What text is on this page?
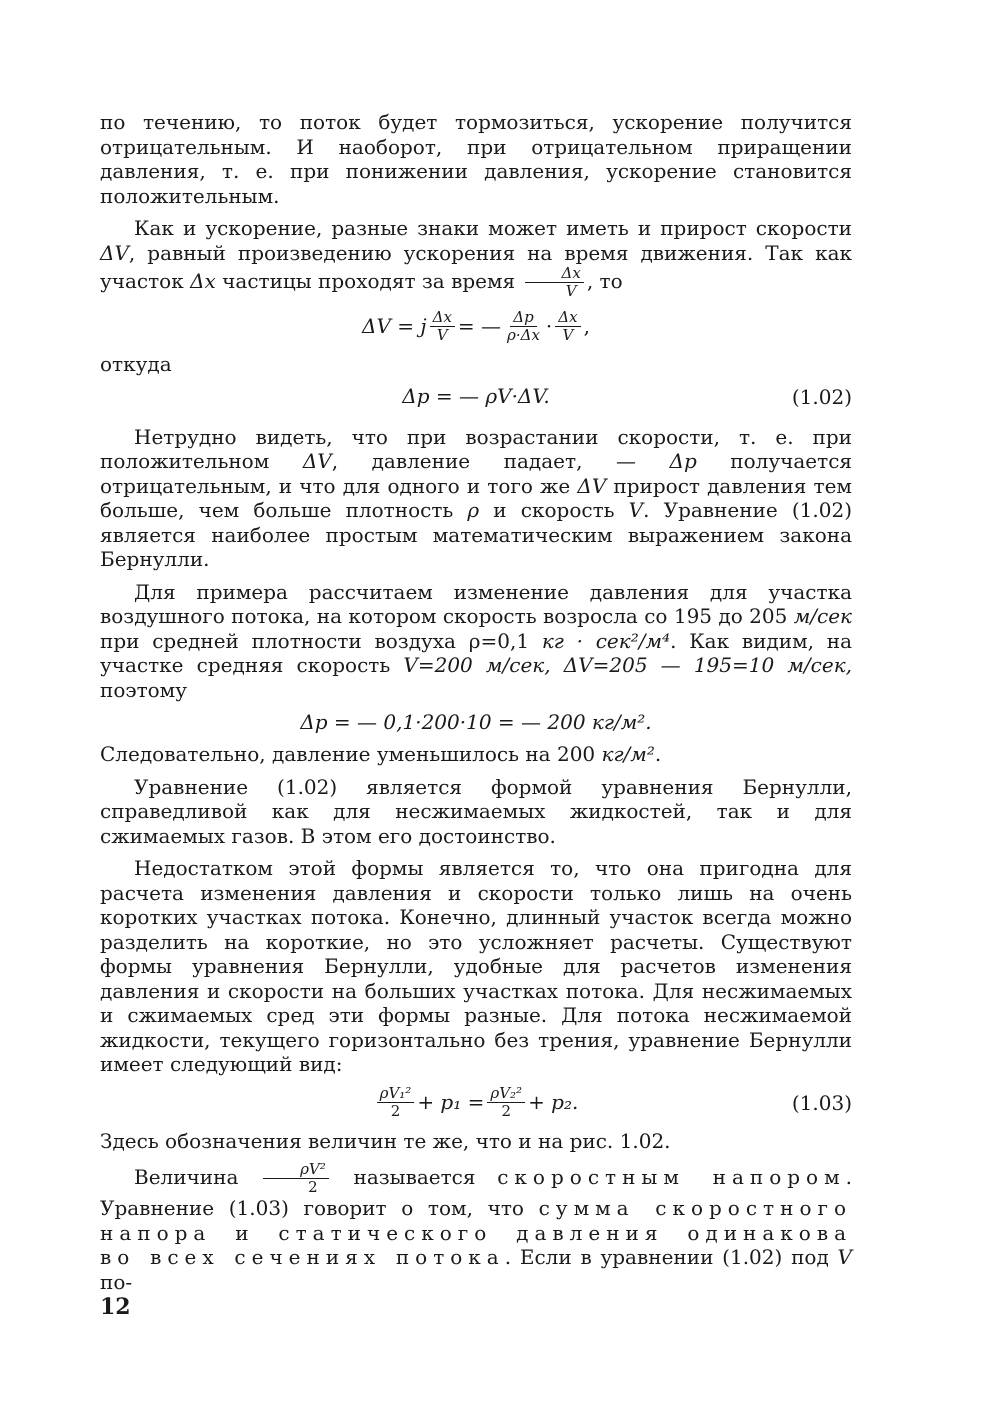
по течению, то поток будет тормозиться, ускорение получится отрицательным. И наоборот, при отрицательном приращении давления, т. е. при понижении давления, ускорение становится положительным.

Как и ускорение, разные знаки может иметь и прирост скорости ΔV, равный произведению ускорения на время движения. Так как участок Δx частицы проходят за время $\frac{\Delta x}{V}$ , то

ΔV = j $\frac{\Delta x}{V}$ = — $\frac{\Delta p}{\rho\cdot\Delta x} \cdot \frac{\Delta x}{V}$ ,

откуда

Δp = — ρV·ΔV.	(1.02)

Нетрудно видеть, что при возрастании скорости, т. е. при положительном ΔV, давление падает, — Δp получается отрицательным, и что для одного и того же ΔV прирост давления тем больше, чем больше плотность ρ и скорость V. Уравнение (1.02) является наиболее простым математическим выражением закона Бернулли.

Для примера рассчитаем изменение давления для участка воздушного потока, на котором скорость возросла со 195 до 205 м/сек при средней плотности воздуха ρ=0,1 кг · сек²/м⁴. Как видим, на участке средняя скорость V=200 м/сек, ΔV=205 — 195=10 м/сек, поэтому

Δp = — 0,1·200·10 = — 200 кг/м².

Следовательно, давление уменьшилось на 200 кг/м².

Уравнение (1.02) является формой уравнения Бернулли, справедливой как для несжимаемых жидкостей, так и для сжимаемых газов. В этом его достоинство.

Недостатком этой формы является то, что она пригодна для расчета изменения давления и скорости только лишь на очень коротких участках потока. Конечно, длинный участок всегда можно разделить на короткие, но это усложняет расчеты. Существуют формы уравнения Бернулли, удобные для расчетов изменения давления и скорости на больших участках потока. Для несжимаемых и сжимаемых сред эти формы разные. Для потока несжимаемой жидкости, текущего горизонтально без трения, уравнение Бернулли имеет следующий вид:

$\frac{\text{ρV₁²}}{2} + p_1 = \frac{\text{ρV₂²}}{2} + p_2$.	(1.03)

Здесь обозначения величин те же, что и на рис. 1.02.

Величина $\frac{\text{ρV²}}{2}$ называется скоростным напором. Уравнение (1.03) говорит о том, что сумма скоростного напора и статического давления одинакова во всех сечениях потока. Если в уравнении (1.02) под V по-

12
